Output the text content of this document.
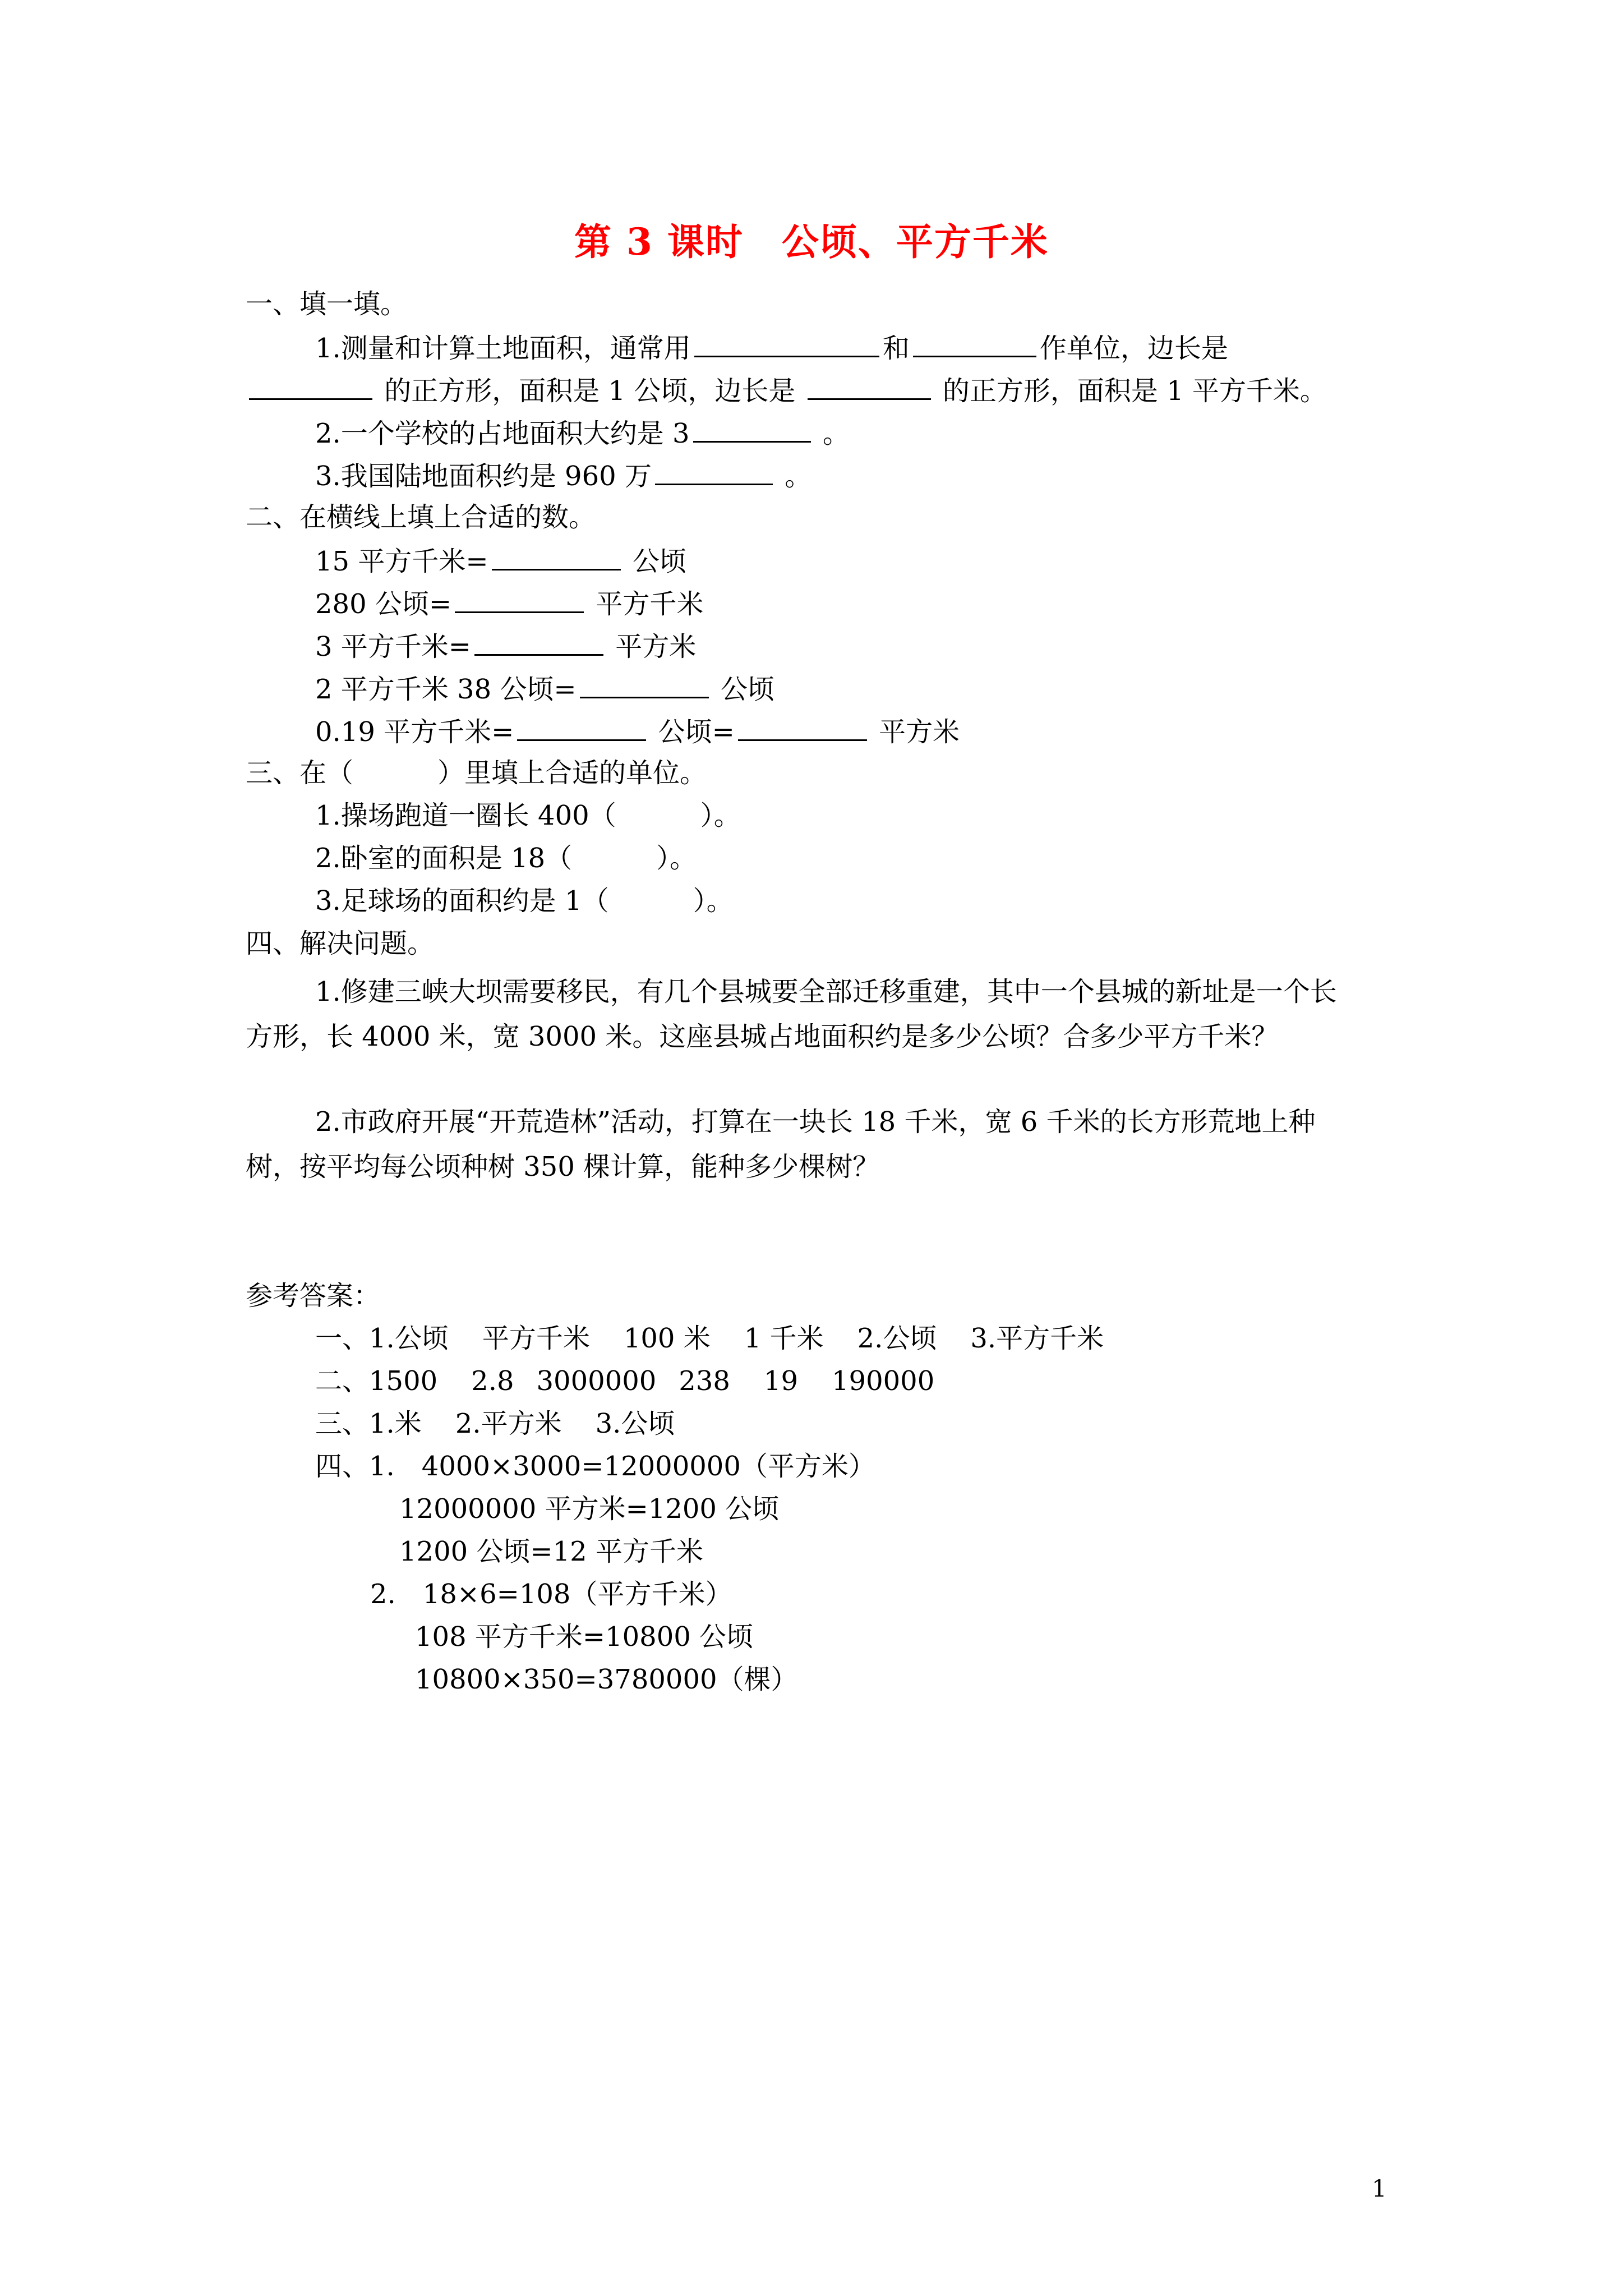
第 3 课时　公顷、平方千米
一、填一填。
1.测量和计算土地面积，通常用	和	作单位，边长是
的正方形，面积是 1 公顷，边长是	的正方形，面积是 1 平方千米。
2.一个学校的占地面积大约是 3	。
3.我国陆地面积约是 960 万	。
二、在横线上填上合适的数。
15 平方千米=	公顷
280 公顷=	平方千米
3 平方千米=	平方米
2 平方千米 38 公顷=	公顷
0.19 平方千米=	公顷=	平方米
三、在（	）里填上合适的单位。
1.操场跑道一圈长 400（	）。
2.卧室的面积是 18（	）。
3.足球场的面积约是 1（	）。
四、解决问题。
1.修建三峡大坝需要移民，有几个县城要全部迁移重建，其中一个县城的新址是一个长
方形，长 4000 米，宽 3000 米。这座县城占地面积约是多少公顷？合多少平方千米？
2.市政府开展“开荒造林”活动，打算在一块长 18 千米，宽 6 千米的长方形荒地上种
树，按平均每公顷种树 350 棵计算，能种多少棵树？
参考答案：
一、1.公顷 平方千米 100 米 1 千米 2.公顷 3.平方千米
二、1500 2.8 3000000 238 19 190000
三、1.米 2.平方米 3.公顷
四、1.　4000×3000=12000000（平方米）
12000000 平方米=1200 公顷
1200 公顷=12 平方千米
2.　18×6=108（平方千米）
108 平方千米=10800 公顷
10800×350=3780000（棵）
1
